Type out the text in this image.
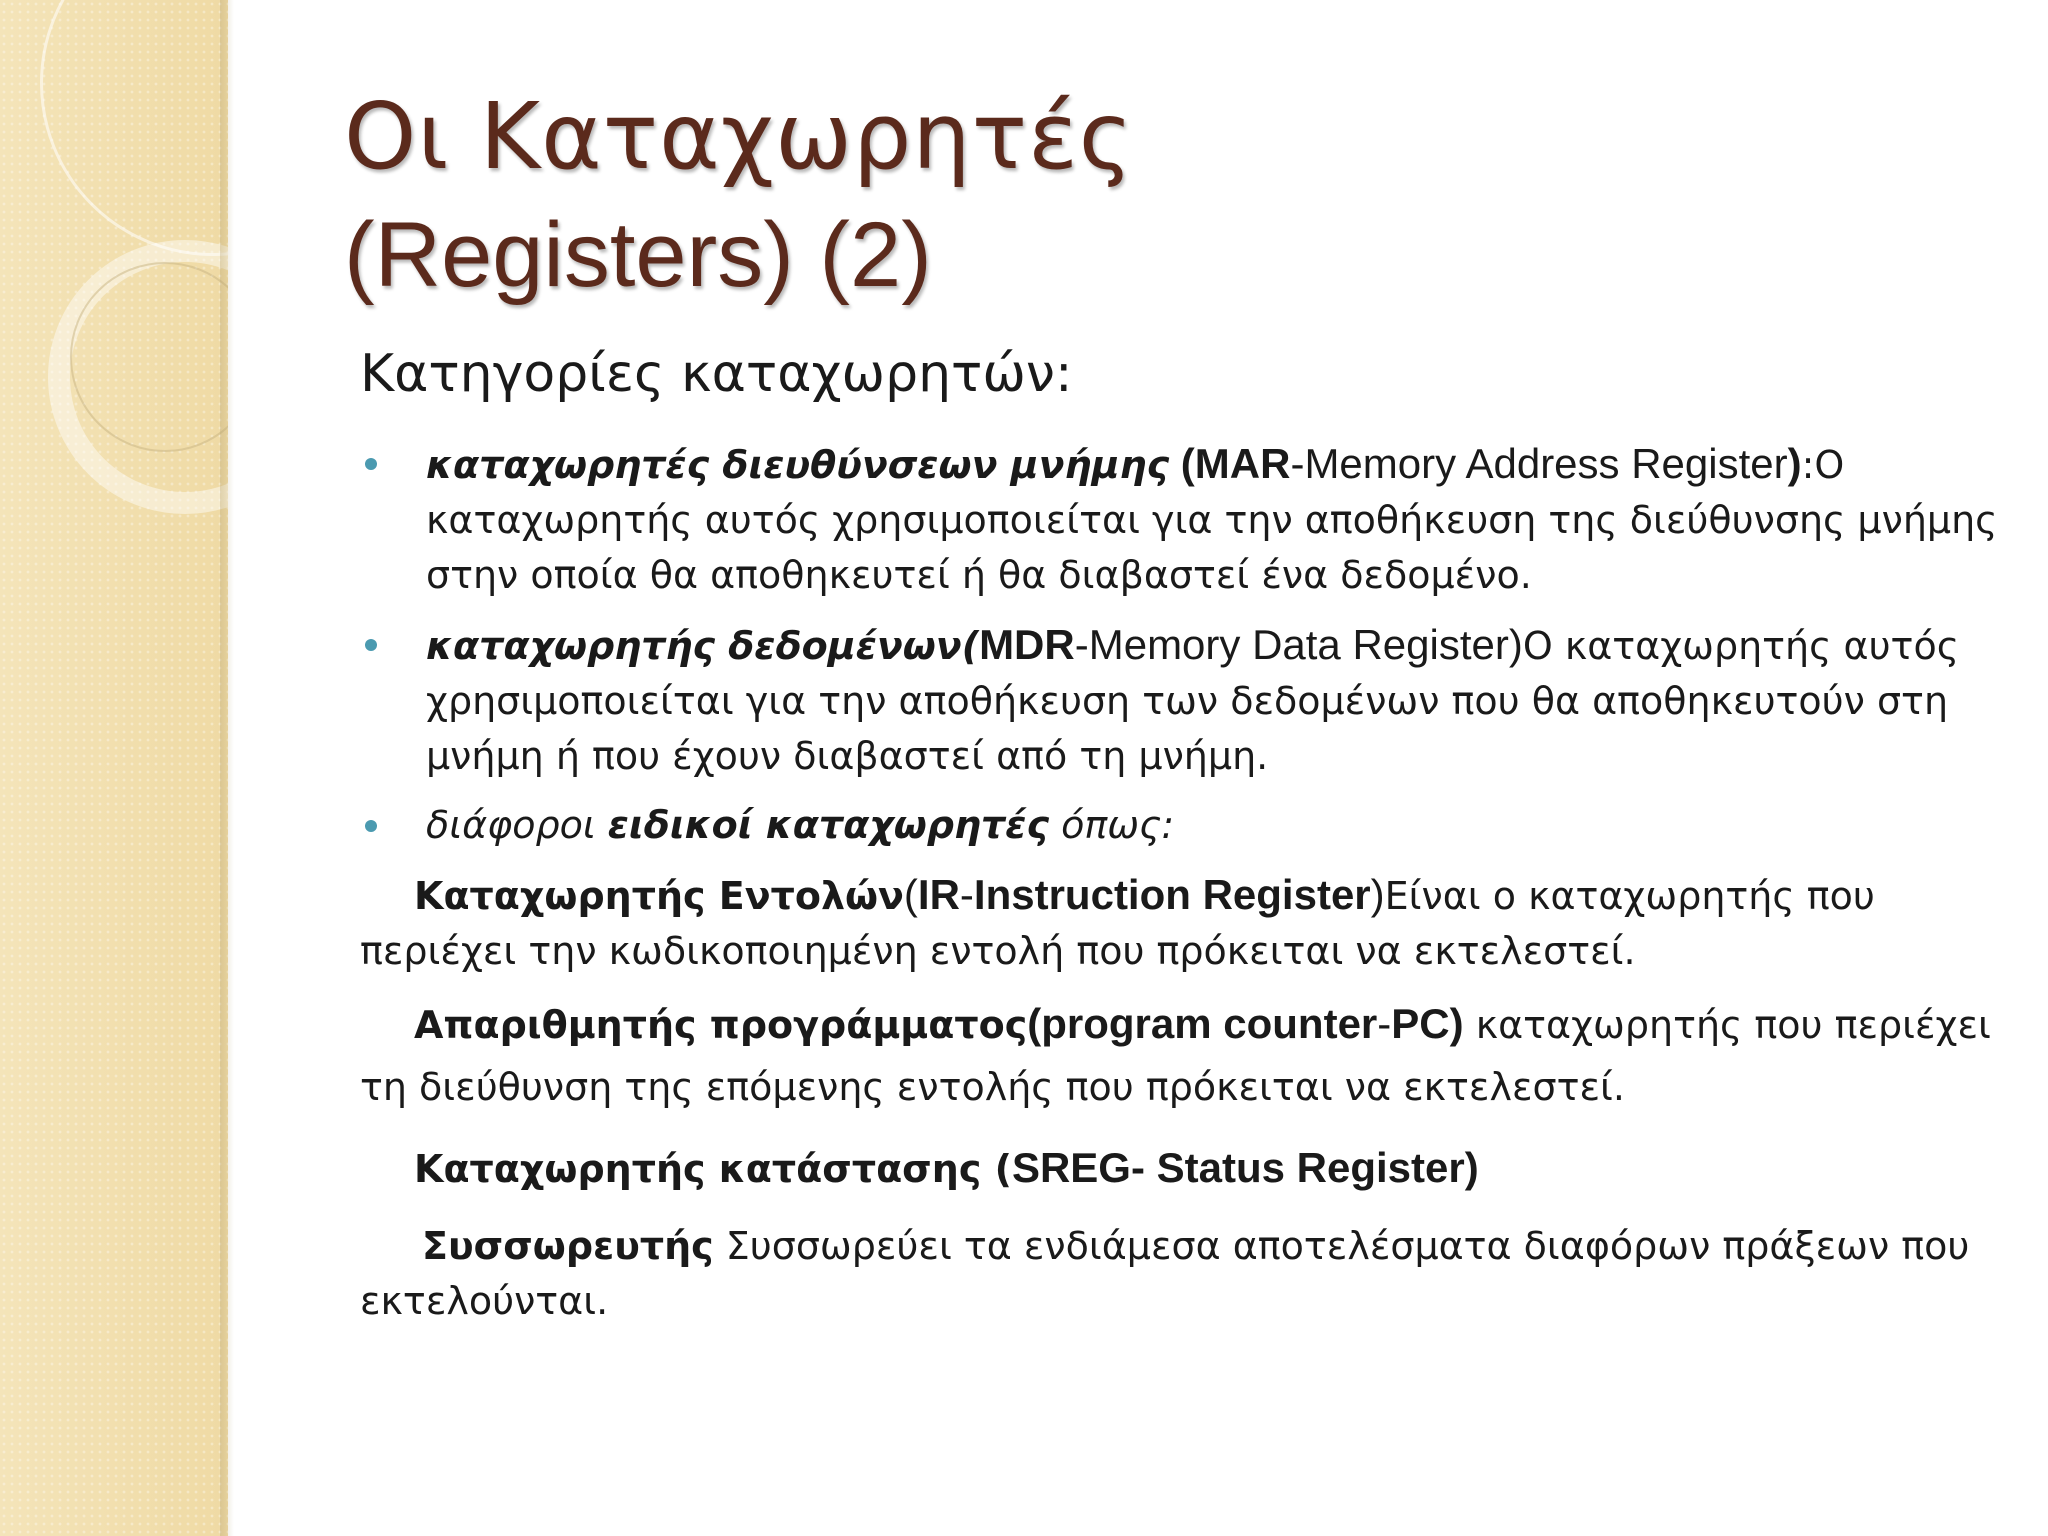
Οι Καταχωρητές
(Registers) (2)
Κατηγορίες καταχωρητών:
καταχωρητές διευθύνσεων μνήμης (MAR-Memory Address Register):Ο καταχωρητής αυτός χρησιμοποιείται για την αποθήκευση της διεύθυνσης μνήμης στην οποία θα αποθηκευτεί ή θα διαβαστεί ένα δεδομένο.
καταχωρητής δεδομένων(MDR-Memory Data Register)Ο καταχωρητής αυτός χρησιμοποιείται για την αποθήκευση των δεδομένων που θα αποθηκευτούν στη μνήμη ή που έχουν διαβαστεί από τη μνήμη.
διάφοροι ειδικοί καταχωρητές όπως:
Καταχωρητής Εντολών(IR-Instruction Register)Είναι ο καταχωρητής που περιέχει την κωδικοποιημένη εντολή που πρόκειται να εκτελεστεί.
Απαριθμητής προγράμματος(program counter-PC) καταχωρητής που περιέχει τη διεύθυνση της επόμενης εντολής που πρόκειται να εκτελεστεί.
Καταχωρητής κατάστασης (SREG- Status Register)
Συσσωρευτής Συσσωρεύει τα ενδιάμεσα αποτελέσματα διαφόρων πράξεων που εκτελούνται.
